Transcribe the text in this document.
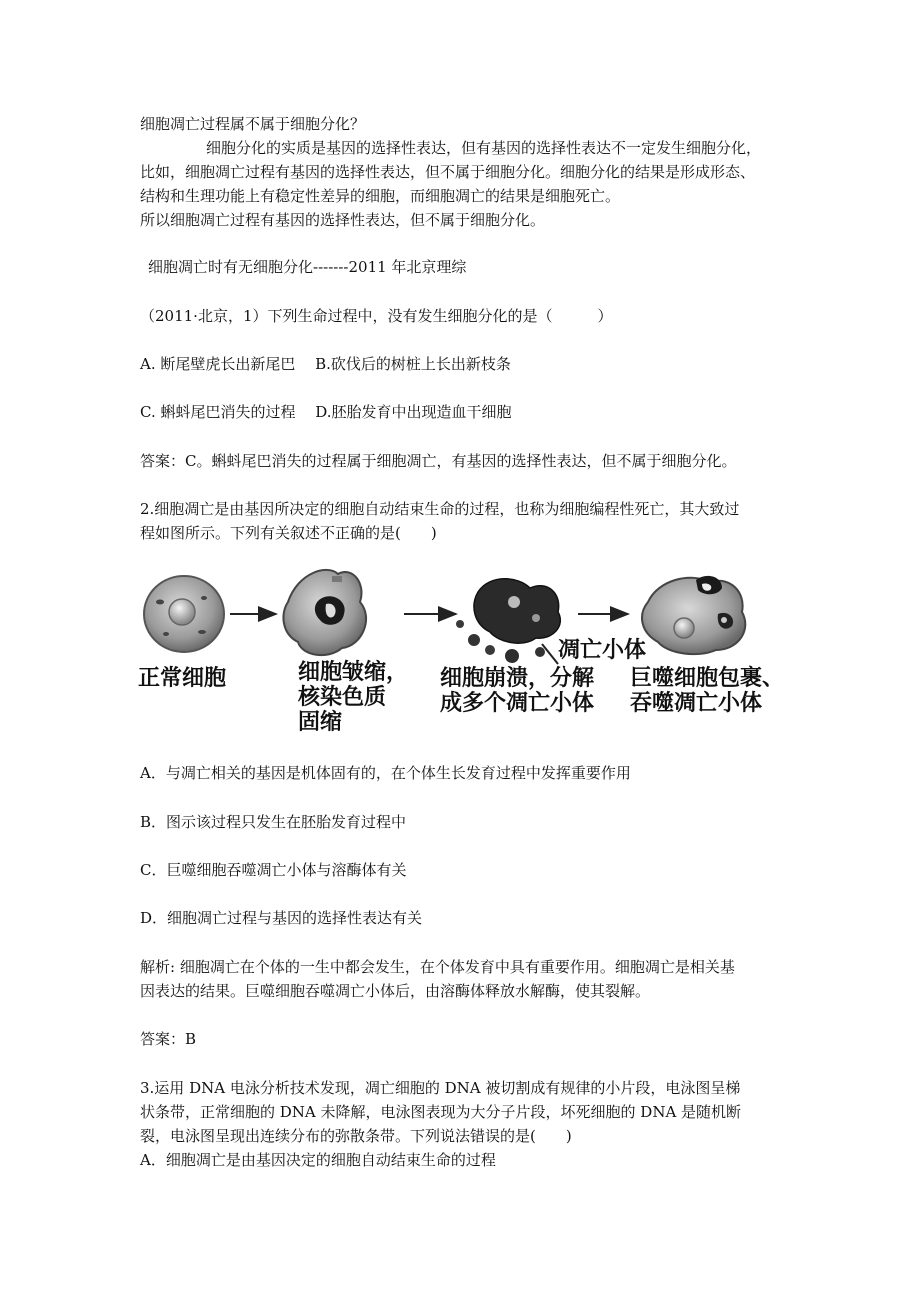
细胞凋亡过程属不属于细胞分化？
细胞分化的实质是基因的选择性表达，但有基因的选择性表达不一定发生细胞分化，
比如，细胞凋亡过程有基因的选择性表达，但不属于细胞分化。细胞分化的结果是形成形态、
结构和生理功能上有稳定性差异的细胞，而细胞凋亡的结果是细胞死亡。
所以细胞凋亡过程有基因的选择性表达，但不属于细胞分化。
细胞凋亡时有无细胞分化-------2011 年北京理综
（2011·北京，1）下列生命过程中，没有发生细胞分化的是（　　　）
A. 断尾壁虎长出新尾巴　 B.砍伐后的树桩上长出新枝条
C. 蝌蚪尾巴消失的过程　 D.胚胎发育中出现造血干细胞
答案：C。蝌蚪尾巴消失的过程属于细胞凋亡，有基因的选择性表达，但不属于细胞分化。
2.细胞凋亡是由基因所决定的细胞自动结束生命的过程，也称为细胞编程性死亡，其大致过
程如图所示。下列有关叙述不正确的是(　　)
正常细胞	细胞皱缩，
核染色质
固缩
凋亡小体
细胞崩溃，分解
成多个凋亡小体
巨噬细胞包裹、
吞噬凋亡小体
A．与凋亡相关的基因是机体固有的，在个体生长发育过程中发挥重要作用
B．图示该过程只发生在胚胎发育过程中
C．巨噬细胞吞噬凋亡小体与溶酶体有关
D．细胞凋亡过程与基因的选择性表达有关
解析: 细胞凋亡在个体的一生中都会发生，在个体发育中具有重要作用。细胞凋亡是相关基
因表达的结果。巨噬细胞吞噬凋亡小体后，由溶酶体释放水解酶，使其裂解。
答案：B
3.运用 DNA 电泳分析技术发现，凋亡细胞的 DNA 被切割成有规律的小片段，电泳图呈梯
状条带，正常细胞的 DNA 未降解，电泳图表现为大分子片段，坏死细胞的 DNA 是随机断
裂，电泳图呈现出连续分布的弥散条带。下列说法错误的是(　　)
A．细胞凋亡是由基因决定的细胞自动结束生命的过程
